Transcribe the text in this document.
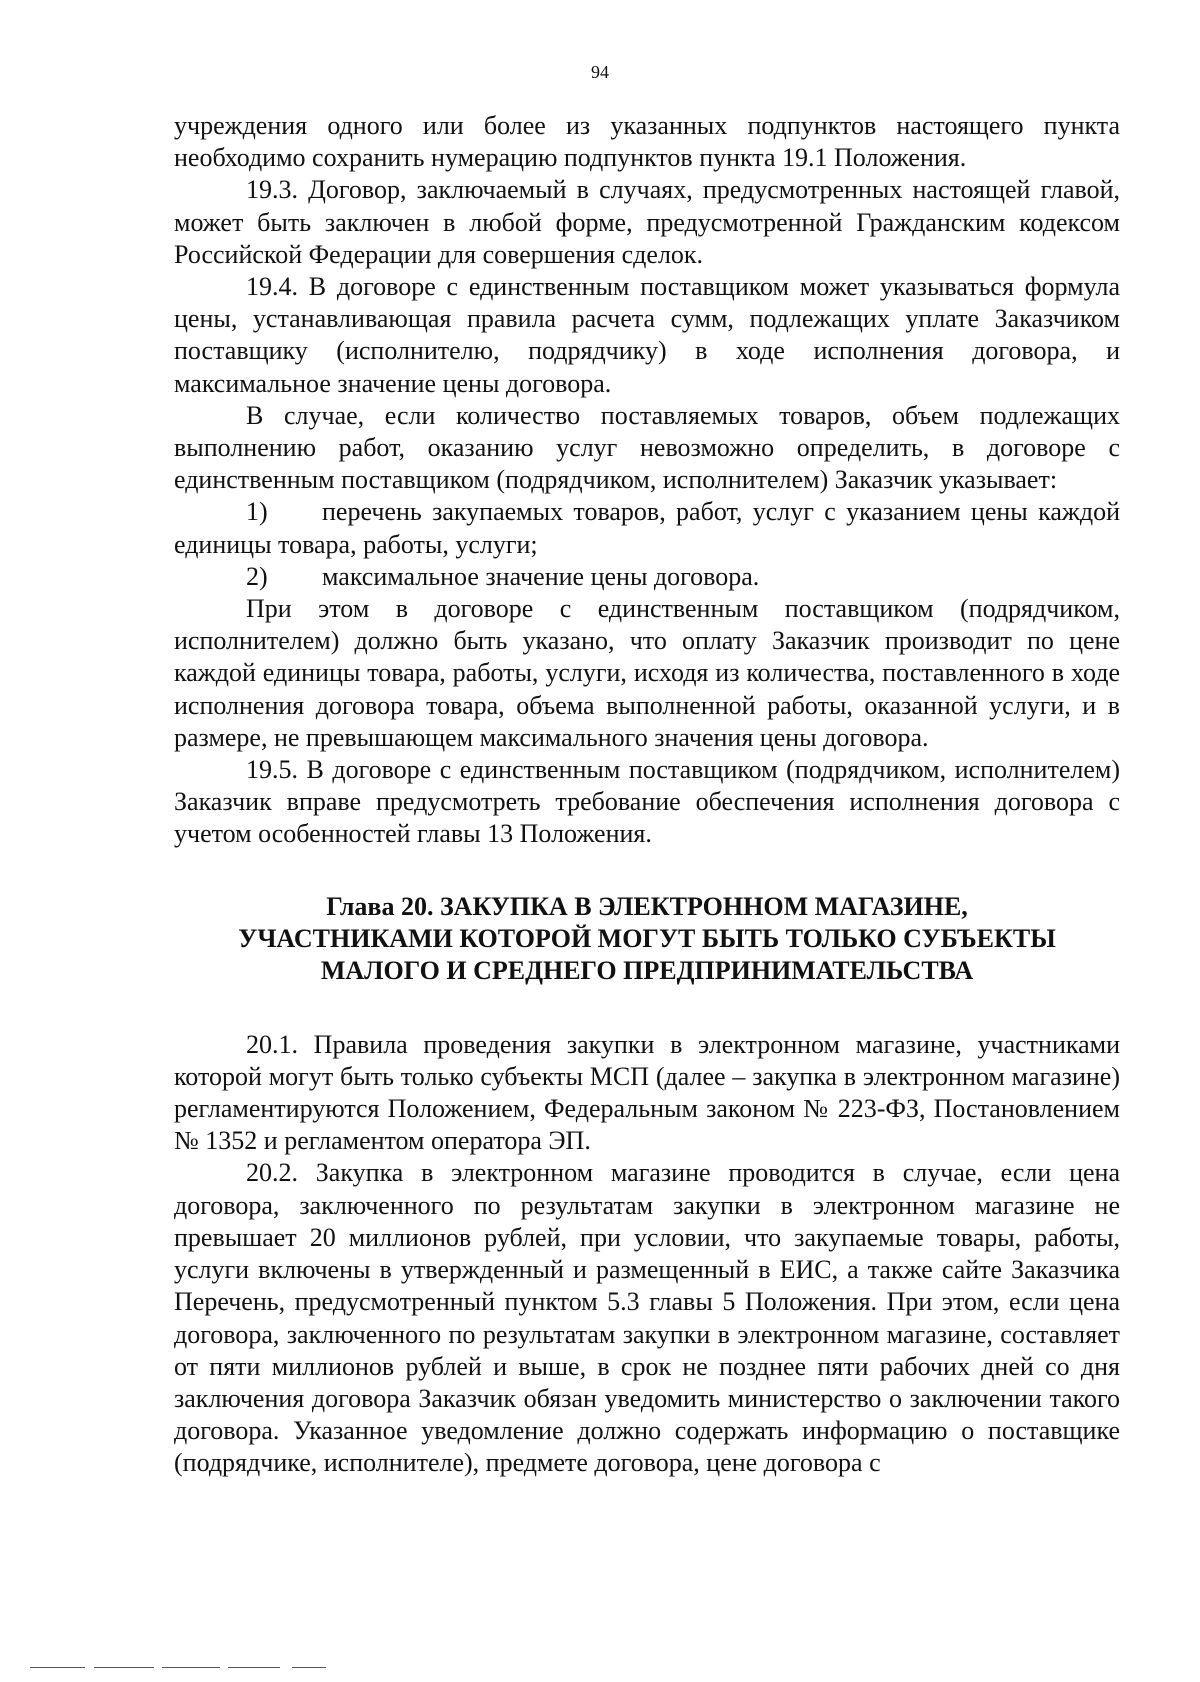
94

учреждения одного или более из указанных подпунктов настоящего пункта необходимо сохранить нумерацию подпунктов пункта 19.1 Положения.

19.3. Договор, заключаемый в случаях, предусмотренных настоящей главой, может быть заключен в любой форме, предусмотренной Гражданским кодексом Российской Федерации для совершения сделок.

19.4. В договоре с единственным поставщиком может указываться формула цены, устанавливающая правила расчета сумм, подлежащих уплате Заказчиком поставщику (исполнителю, подрядчику) в ходе исполнения договора, и максимальное значение цены договора.

В случае, если количество поставляемых товаров, объем подлежащих выполнению работ, оказанию услуг невозможно определить, в договоре с единственным поставщиком (подрядчиком, исполнителем) Заказчик указывает:

1) перечень закупаемых товаров, работ, услуг с указанием цены каждой единицы товара, работы, услуги;

2) максимальное значение цены договора.

При этом в договоре с единственным поставщиком (подрядчиком, исполнителем) должно быть указано, что оплату Заказчик производит по цене каждой единицы товара, работы, услуги, исходя из количества, поставленного в ходе исполнения договора товара, объема выполненной работы, оказанной услуги, и в размере, не превышающем максимального значения цены договора.

19.5. В договоре с единственным поставщиком (подрядчиком, исполнителем) Заказчик вправе предусмотреть требование обеспечения исполнения договора с учетом особенностей главы 13 Положения.

Глава 20. ЗАКУПКА В ЭЛЕКТРОННОМ МАГАЗИНЕ,
УЧАСТНИКАМИ КОТОРОЙ МОГУТ БЫТЬ ТОЛЬКО СУБЪЕКТЫ
МАЛОГО И СРЕДНЕГО ПРЕДПРИНИМАТЕЛЬСТВА

20.1. Правила проведения закупки в электронном магазине, участниками которой могут быть только субъекты МСП (далее – закупка в электронном магазине) регламентируются Положением, Федеральным законом № 223-ФЗ, Постановлением № 1352 и регламентом оператора ЭП.

20.2. Закупка в электронном магазине проводится в случае, если цена договора, заключенного по результатам закупки в электронном магазине не превышает 20 миллионов рублей, при условии, что закупаемые товары, работы, услуги включены в утвержденный и размещенный в ЕИС, а также сайте Заказчика Перечень, предусмотренный пунктом 5.3 главы 5 Положения. При этом, если цена договора, заключенного по результатам закупки в электронном магазине, составляет от пяти миллионов рублей и выше, в срок не позднее пяти рабочих дней со дня заключения договора Заказчик обязан уведомить министерство о заключении такого договора. Указанное уведомление должно содержать информацию о поставщике (подрядчике, исполнителе), предмете договора, цене договора с
